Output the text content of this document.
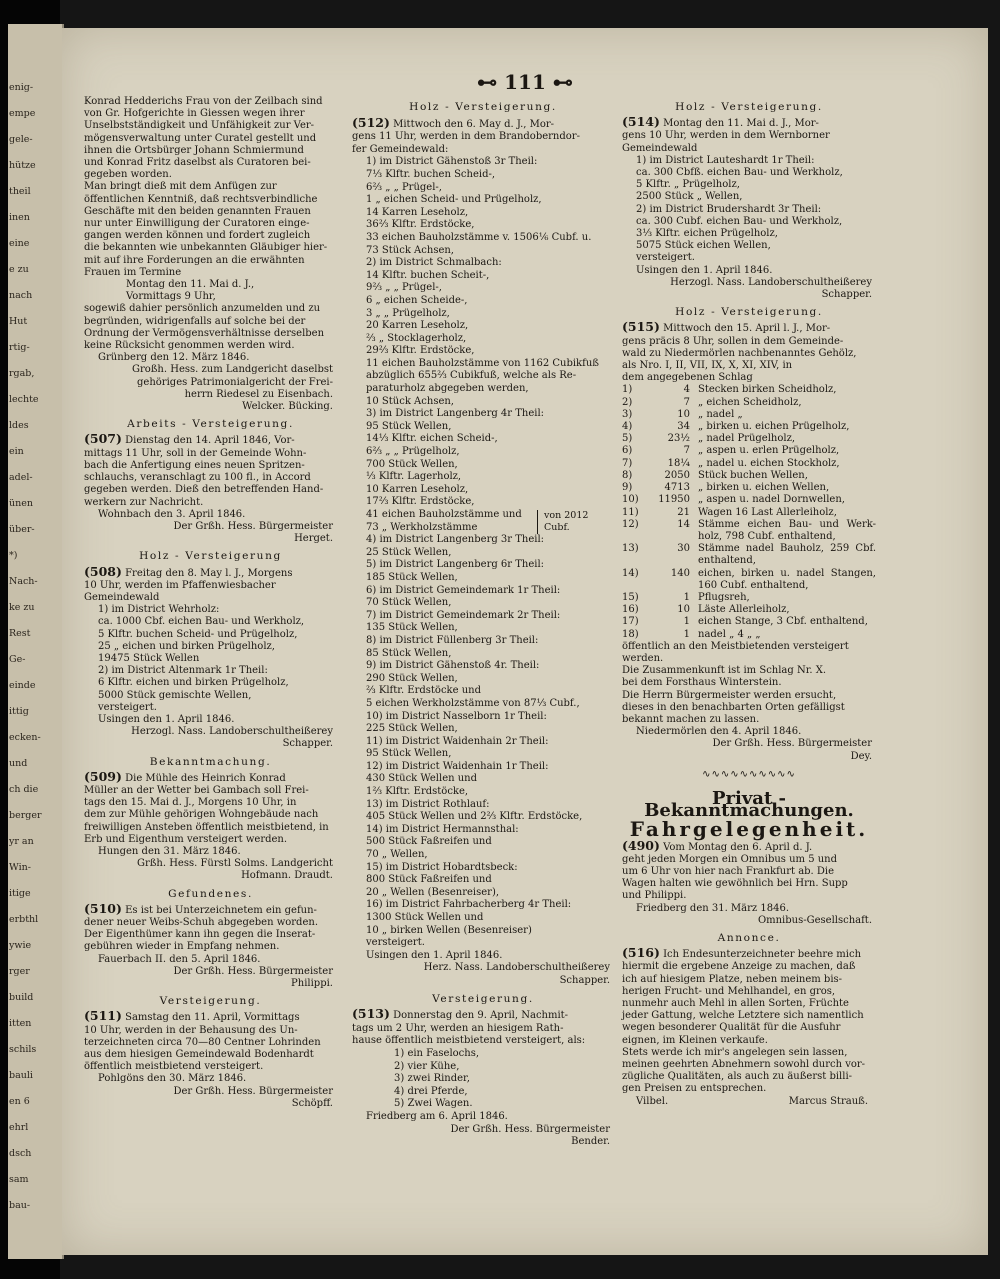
enig-
empe
gele-
hütze
theil
inen
eine
e zu
nach
Hut
rtig-
rgab,
lechte
ldes
ein
adel-
ünen
über-
*)
Nach-
ke zu
Rest
Ge-
einde
ittig
ecken-
und
ch die
berger
yr an
Win-
itige
erbthl
ywie
rger
build
itten
schils
bauli
en 6
ehrl
dsch
sam
bau-
⊷ 111 ⊷
Konrad Hedderichs Frau von der Zeilbach sind
von Gr. Hofgerichte in Giessen wegen ihrer
Unselbstständigkeit und Unfähigkeit zur Ver-
mögensverwaltung unter Curatel gestellt und
ihnen die Ortsbürger Johann Schmiermund
und Konrad Fritz daselbst als Curatoren bei-
gegeben worden.
Man bringt dieß mit dem Anfügen zur
öffentlichen Kenntniß, daß rechtsverbindliche
Geschäfte mit den beiden genannten Frauen
nur unter Einwilligung der Curatoren einge-
gangen werden können und fordert zugleich
die bekannten wie unbekannten Gläubiger hier-
mit auf ihre Forderungen an die erwähnten
Frauen im Termine
Montag den 11. Mai d. J.,
Vormittags 9 Uhr,
sogewiß dahier persönlich anzumelden und zu
begründen, widrigenfalls auf solche bei der
Ordnung der Vermögensverhältnisse derselben
keine Rücksicht genommen werden wird.
Grünberg den 12. März 1846.
Großh. Hess. zum Landgericht daselbst
gehöriges Patrimonialgericht der Frei-
herrn Riedesel zu Eisenbach.
Welcker. Bücking.
Arbeits - Versteigerung.
(507) Dienstag den 14. April 1846, Vor-
mittags 11 Uhr, soll in der Gemeinde Wohn-
bach die Anfertigung eines neuen Spritzen-
schlauchs, veranschlagt zu 100 fl., in Accord
gegeben werden. Dieß den betreffenden Hand-
werkern zur Nachricht.
Wohnbach den 3. April 1846.
Der Grßh. Hess. Bürgermeister
Herget.
Holz - Versteigerung
(508) Freitag den 8. May l. J., Morgens
10 Uhr, werden im Pfaffenwiesbacher
Gemeindewald
1) im District Wehrholz:
ca. 1000 Cbf. eichen Bau- und Werkholz,
5 Klftr. buchen Scheid- und Prügelholz,
25 „ eichen und birken Prügelholz,
19475 Stück Wellen
2) im District Altenmark 1r Theil:
6 Klftr. eichen und birken Prügelholz,
5000 Stück gemischte Wellen,
versteigert.
Usingen den 1. April 1846.
Herzogl. Nass. Landoberschultheißerey
Schapper.
Bekanntmachung.
(509) Die Mühle des Heinrich Konrad
Müller an der Wetter bei Gambach soll Frei-
tags den 15. Mai d. J., Morgens 10 Uhr, in
dem zur Mühle gehörigen Wohngebäude nach
freiwilligen Ansteben öffentlich meistbietend, in
Erb und Eigenthum versteigert werden.
Hungen den 31. März 1846.
Grßh. Hess. Fürstl Solms. Landgericht
Hofmann. Draudt.
Gefundenes.
(510) Es ist bei Unterzeichnetem ein gefun-
dener neuer Weibs-Schuh abgegeben worden.
Der Eigenthümer kann ihn gegen die Inserat-
gebühren wieder in Empfang nehmen.
Fauerbach II. den 5. April 1846.
Der Grßh. Hess. Bürgermeister
Philippi.
Versteigerung.
(511) Samstag den 11. April, Vormittags
10 Uhr, werden in der Behausung des Un-
terzeichneten circa 70—80 Centner Lohrinden
aus dem hiesigen Gemeindewald Bodenhardt
öffentlich meistbietend versteigert.
Pohlgöns den 30. März 1846.
Der Grßh. Hess. Bürgermeister
Schöpff.
Holz - Versteigerung.
(512) Mittwoch den 6. May d. J., Mor-
gens 11 Uhr, werden in dem Brandoberndor-
fer Gemeindewald:
1) im District Gähenstoß 3r Theil:
7⅓ Klftr. buchen Scheid-,
6⅔ „ „ Prügel-,
1 „ eichen Scheid- und Prügelholz,
14 Karren Leseholz,
36⅔ Klftr. Erdstöcke,
33 eichen Bauholzstämme v. 1506⅙ Cubf. u.
73 Stück Achsen,
2) im District Schmalbach:
14 Klftr. buchen Scheit-,
9⅔ „ „ Prügel-,
6 „ eichen Scheide-,
3 „ „ Prügelholz,
20 Karren Leseholz,
⅔ „ Stocklagerholz,
29⅔ Klftr. Erdstöcke,
11 eichen Bauholzstämme von 1162 Cubikfuß
abzüglich 655⅔ Cubikfuß, welche als Re-
paraturholz abgegeben werden,
10 Stück Achsen,
3) im District Langenberg 4r Theil:
95 Stück Wellen,
14⅓ Klftr. eichen Scheid-,
6⅔ „ „ Prügelholz,
700 Stück Wellen,
⅓ Klftr. Lagerholz,
10 Karren Leseholz,
17⅔ Klftr. Erdstöcke,
41 eichen Bauholzstämme und
73 „ Werkholzstämme
von 2012
Cubf.
4) im District Langenberg 3r Theil:
25 Stück Wellen,
5) im District Langenberg 6r Theil:
185 Stück Wellen,
6) im District Gemeindemark 1r Theil:
70 Stück Wellen,
7) im District Gemeindemark 2r Theil:
135 Stück Wellen,
8) im District Füllenberg 3r Theil:
85 Stück Wellen,
9) im District Gähenstoß 4r. Theil:
290 Stück Wellen,
⅔ Klftr. Erdstöcke und
5 eichen Werkholzstämme von 87⅓ Cubf.,
10) im District Nasselborn 1r Theil:
225 Stück Wellen,
11) im District Waidenhain 2r Theil:
95 Stück Wellen,
12) im District Waidenhain 1r Theil:
430 Stück Wellen und
1⅔ Klftr. Erdstöcke,
13) im District Rothlauf:
405 Stück Wellen und 2⅔ Klftr. Erdstöcke,
14) im District Hermannsthal:
500 Stück Faßreifen und
70 „ Wellen,
15) im District Hobardtsbeck:
800 Stück Faßreifen und
20 „ Wellen (Besenreiser),
16) im District Fahrbacherberg 4r Theil:
1300 Stück Wellen und
10 „ birken Wellen (Besenreiser)
versteigert.
Usingen den 1. April 1846.
Herz. Nass. Landoberschultheißerey
Schapper.
Versteigerung.
(513) Donnerstag den 9. April, Nachmit-
tags um 2 Uhr, werden an hiesigem Rath-
hause öffentlich meistbietend versteigert, als:
1) ein Faselochs,
2) vier Kühe,
3) zwei Rinder,
4) drei Pferde,
5) Zwei Wagen.
Friedberg am 6. April 1846.
Der Grßh. Hess. Bürgermeister
Bender.
Holz - Versteigerung.
(514) Montag den 11. Mai d. J., Mor-
gens 10 Uhr, werden in dem Wernborner
Gemeindewald
1) im District Lauteshardt 1r Theil:
ca. 300 Cbfß. eichen Bau- und Werkholz,
5 Klftr. „ Prügelholz,
2500 Stück „ Wellen,
2) im District Brudershardt 3r Theil:
ca. 300 Cubf. eichen Bau- und Werkholz,
3⅓ Klftr. eichen Prügelholz,
5075 Stück eichen Wellen,
versteigert.
Usingen den 1. April 1846.
Herzogl. Nass. Landoberschultheißerey
Schapper.
Holz - Versteigerung.
(515) Mittwoch den 15. April l. J., Mor-
gens präcis 8 Uhr, sollen in dem Gemeinde-
wald zu Niedermörlen nachbenanntes Gehölz,
als Nro. I, II, VII, IX, X, XI, XIV, in
dem angegebenen Schlag
1)	4 Stecken birken Scheidholz,
2)	7 „ eichen Scheidholz,
3)	10 „ nadel „
4)	34 „ birken u. eichen Prügelholz,
5)	23½ „ nadel Prügelholz,
6)	7 „ aspen u. erlen Prügelholz,
7)	18¼ „ nadel u. eichen Stockholz,
8)	2050 Stück buchen Wellen,
9)	4713 „ birken u. eichen Wellen,
10)	11950 „ aspen u. nadel Dornwellen,
11)	21 Wagen 16 Last Allerleiholz,
12)	14 Stämme eichen Bau- und Werk- holz, 798 Cubf. enthaltend,
13)	30 Stämme nadel Bauholz, 259 Cbf. enthaltend,
14)	140 eichen, birken u. nadel Stangen, 160 Cubf. enthaltend,
15)	1 Pflugsreh,
16)	10 Läste Allerleiholz,
17)	1 eichen Stange, 3 Cbf. enthaltend,
18)	1 nadel „ 4 „ „
öffentlich an den Meistbietenden versteigert
werden.
Die Zusammenkunft ist im Schlag Nr. X.
bei dem Forsthaus Winterstein.
Die Herrn Bürgermeister werden ersucht,
dieses in den benachbarten Orten gefälligst
bekannt machen zu lassen.
Niedermörlen den 4. April 1846.
Der Grßh. Hess. Bürgermeister
Dey.
∿∿∿∿∿∿∿∿∿∿
Privat - Bekanntmachungen.
Fahrgelegenheit.
(490) Vom Montag den 6. April d. J.
geht jeden Morgen ein Omnibus um 5 und
um 6 Uhr von hier nach Frankfurt ab. Die
Wagen halten wie gewöhnlich bei Hrn. Supp
und Philippi.
Friedberg den 31. März 1846.
Omnibus-Gesellschaft.
Annonce.
(516) Ich Endesunterzeichneter beehre mich
hiermit die ergebene Anzeige zu machen, daß
ich auf hiesigem Platze, neben meinem bis-
herigen Frucht- und Mehlhandel, en gros,
nunmehr auch Mehl in allen Sorten, Früchte
jeder Gattung, welche Letztere sich namentlich
wegen besonderer Qualität für die Ausfuhr
eignen, im Kleinen verkaufe.
Stets werde ich mir's angelegen sein lassen,
meinen geehrten Abnehmern sowohl durch vor-
zügliche Qualitäten, als auch zu äußerst billi-
gen Preisen zu entsprechen.
Vilbel.	Marcus Strauß.
